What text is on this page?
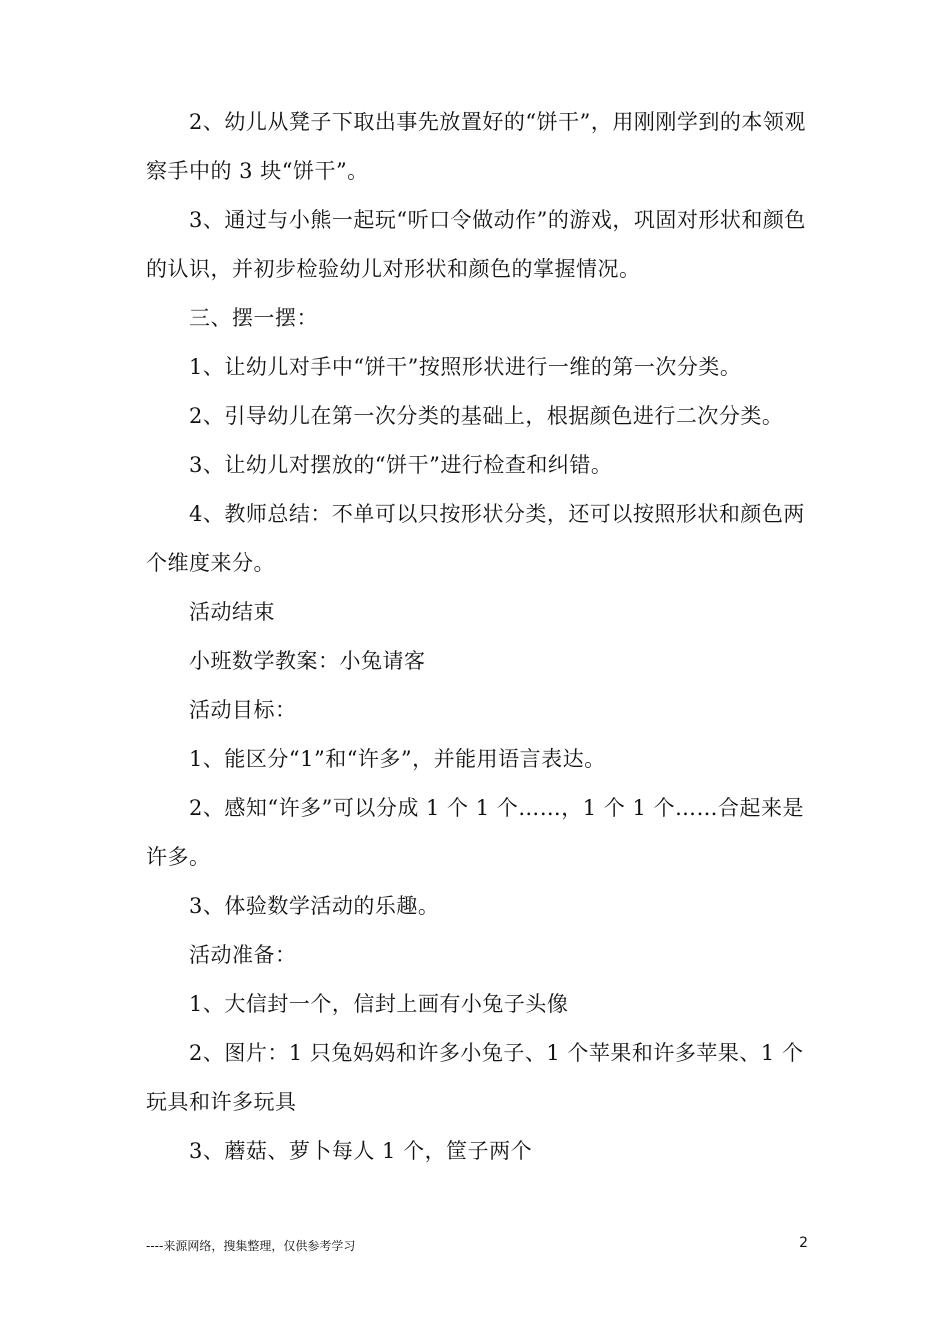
2、幼儿从凳子下取出事先放置好的“饼干”，用刚刚学到的本领观察手中的 3 块“饼干”。

3、通过与小熊一起玩“听口令做动作”的游戏，巩固对形状和颜色的认识，并初步检验幼儿对形状和颜色的掌握情况。

三、摆一摆：

1、让幼儿对手中“饼干”按照形状进行一维的第一次分类。

2、引导幼儿在第一次分类的基础上，根据颜色进行二次分类。

3、让幼儿对摆放的“饼干”进行检查和纠错。

4、教师总结：不单可以只按形状分类，还可以按照形状和颜色两个维度来分。

活动结束

小班数学教案：小兔请客

活动目标：

1、能区分“1”和“许多”，并能用语言表达。

2、感知“许多”可以分成 1 个 1 个……，1 个 1 个……合起来是许多。

3、体验数学活动的乐趣。

活动准备：

1、大信封一个，信封上画有小兔子头像

2、图片：1 只兔妈妈和许多小兔子、1 个苹果和许多苹果、1 个玩具和许多玩具

3、蘑菇、萝卜每人 1 个，筐子两个

----来源网络，搜集整理，仅供参考学习	2
